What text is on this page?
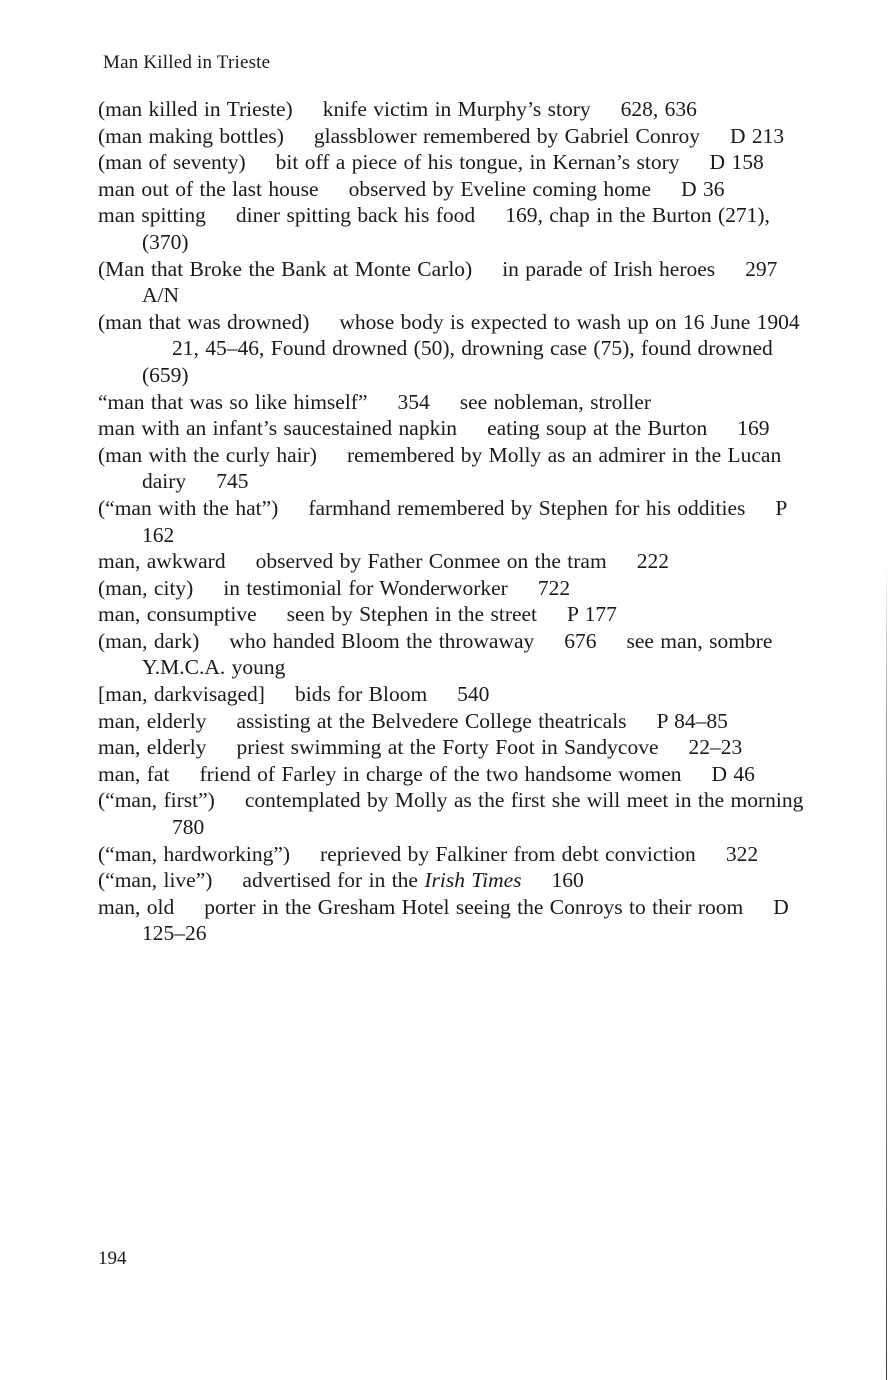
Man Killed in Trieste
(man killed in Trieste) knife victim in Murphy’s story 628, 636
(man making bottles) glassblower remembered by Gabriel Conroy D 213
(man of seventy) bit off a piece of his tongue, in Kernan’s story D 158
man out of the last house observed by Eveline coming home D 36
man spitting diner spitting back his food 169, chap in the Burton (271), (370)
(Man that Broke the Bank at Monte Carlo) in parade of Irish heroes 297A/N
(man that was drowned) whose body is expected to wash up on 16 June 190421, 45–46, Found drowned (50), drowning case (75), found drowned (659)
“man that was so like himself” 354 see nobleman, stroller
man with an infant’s saucestained napkin eating soup at the Burton 169
(man with the curly hair) remembered by Molly as an admirer in the Lucan dairy 745
(“man with the hat”) farmhand remembered by Stephen for his oddities P 162
man, awkward observed by Father Conmee on the tram 222
(man, city) in testimonial for Wonderworker 722
man, consumptive seen by Stephen in the street P 177
(man, dark) who handed Bloom the throwaway 676 see man, sombre Y.M.C.A. young
[man, darkvisaged] bids for Bloom 540
man, elderly assisting at the Belvedere College theatricals P 84–85
man, elderly priest swimming at the Forty Foot in Sandycove 22–23
man, fat friend of Farley in charge of the two handsome women D 46
(“man, first”) contemplated by Molly as the first she will meet in the morning780
(“man, hardworking”) reprieved by Falkiner from debt conviction 322
(“man, live”) advertised for in the Irish Times 160
man, old porter in the Gresham Hotel seeing the Conroys to their room D 125–26
194
